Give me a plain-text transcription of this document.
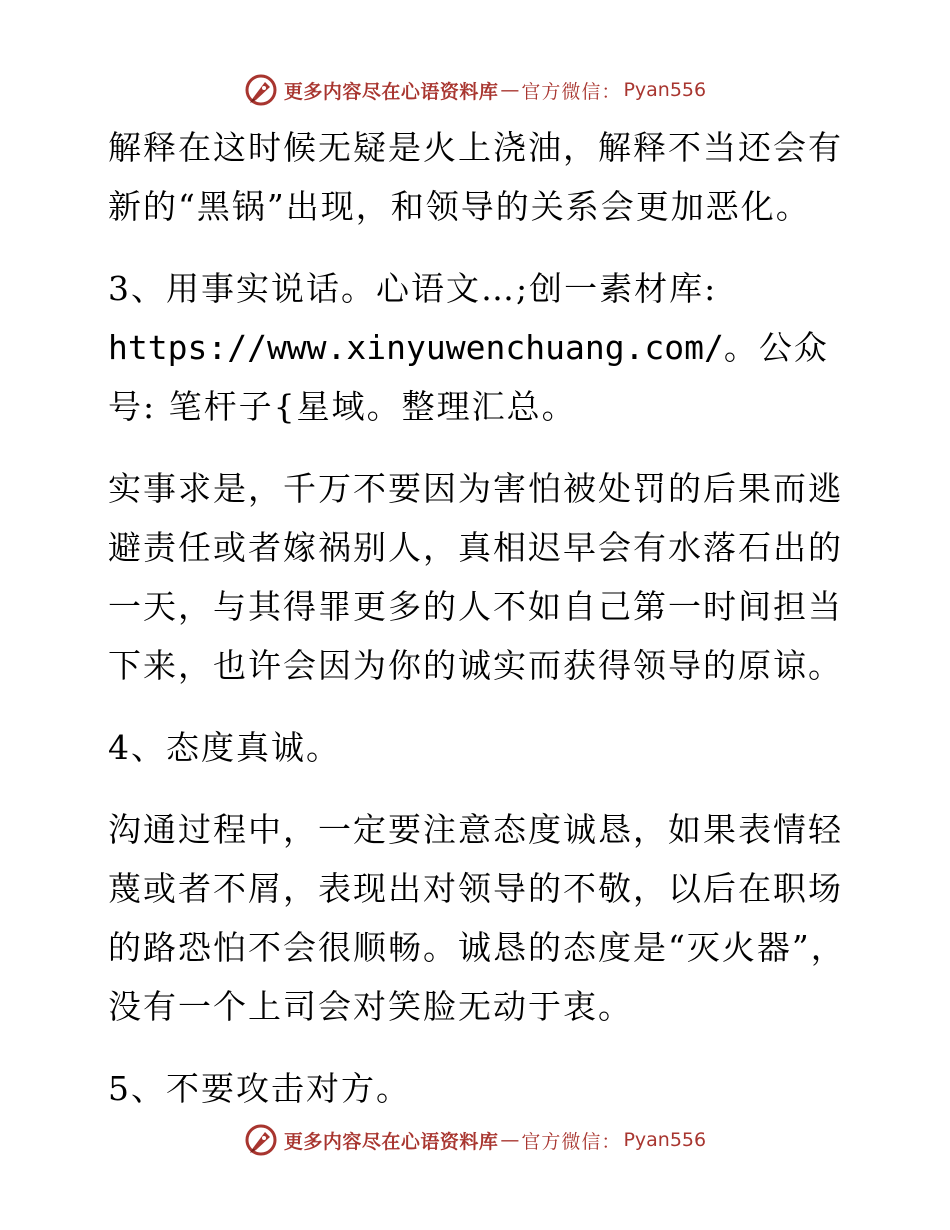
更多内容尽在心语资料库 — 官方微信： Pyan556

解释在这时候无疑是火上浇油，解释不当还会有新的“黑锅”出现，和领导的关系会更加恶化。

3、用事实说话。心语文…;创一素材库:
https://www.xinyuwenchuang.com/。公众号: 笔杆子{星域。整理汇总。

实事求是，千万不要因为害怕被处罚的后果而逃避责任或者嫁祸别人，真相迟早会有水落石出的一天，与其得罪更多的人不如自己第一时间担当下来，也许会因为你的诚实而获得领导的原谅。

4、态度真诚。

沟通过程中，一定要注意态度诚恳，如果表情轻蔑或者不屑，表现出对领导的不敬，以后在职场的路恐怕不会很顺畅。诚恳的态度是“灭火器”，没有一个上司会对笑脸无动于衷。

5、不要攻击对方。

更多内容尽在心语资料库 — 官方微信： Pyan556
